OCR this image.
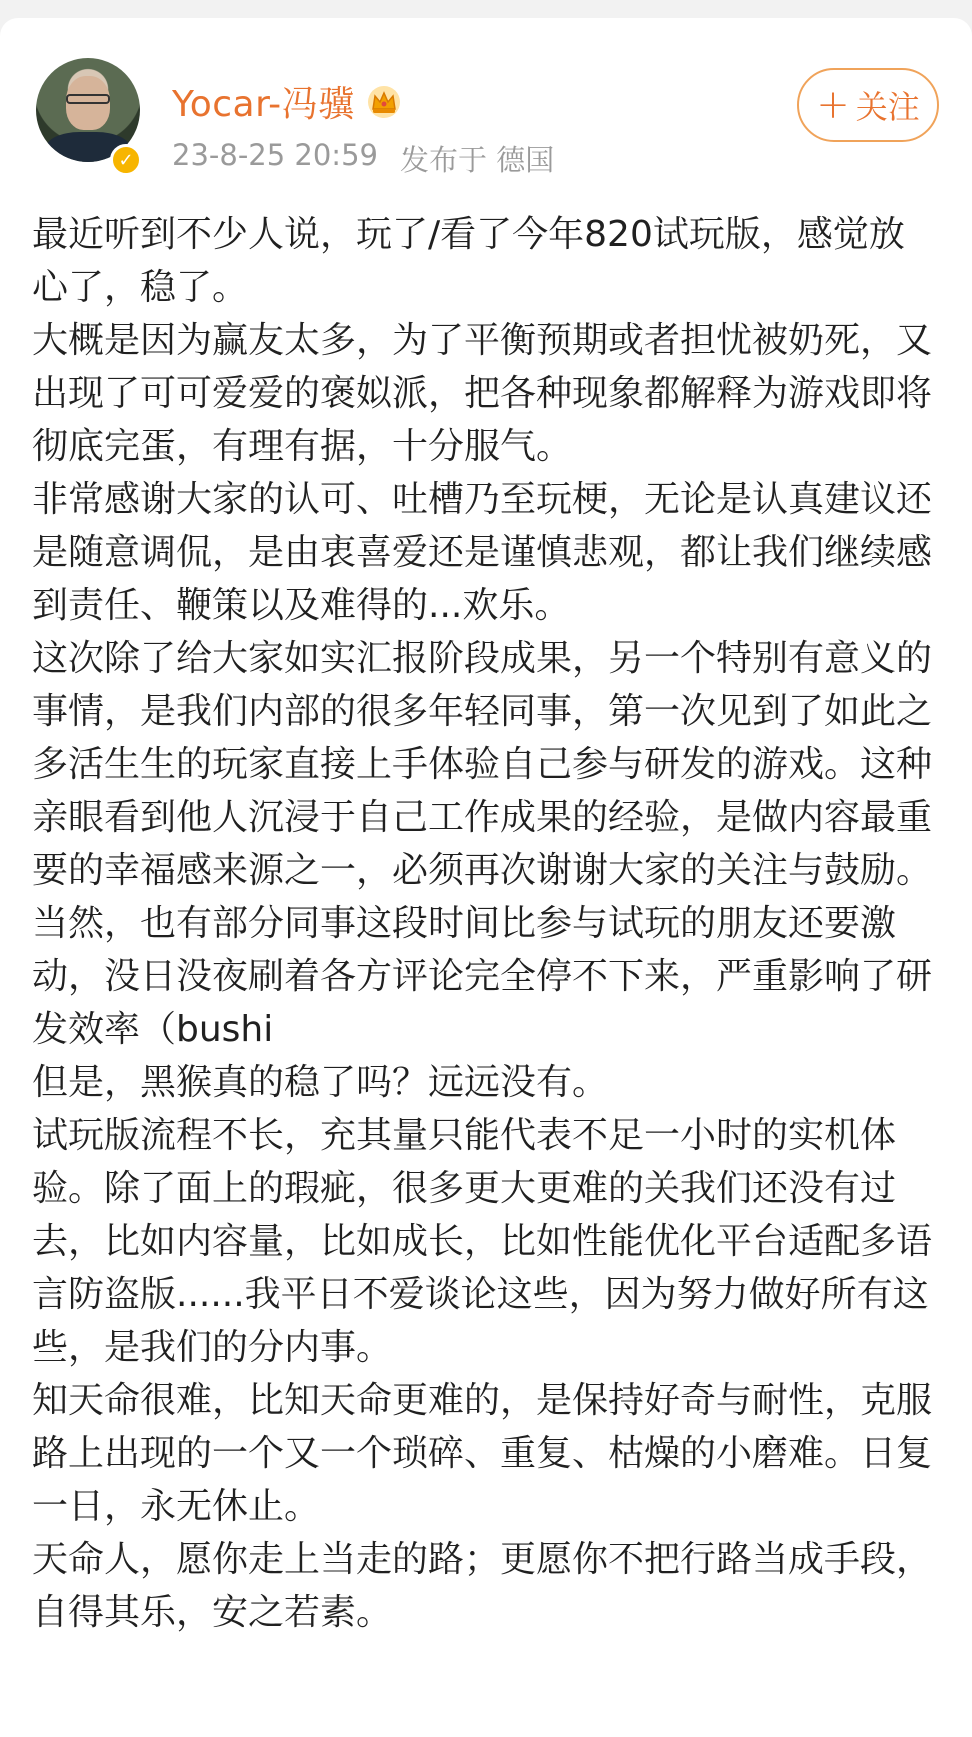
✓
Yocar-冯骥
23-8-25 20:59 发布于 德国
+ 关注

最近听到不少人说，玩了/看了今年820试玩版，感觉放心了，稳了。

大概是因为赢友太多，为了平衡预期或者担忧被奶死，又出现了可可爱爱的褒姒派，把各种现象都解释为游戏即将彻底完蛋，有理有据，十分服气。

非常感谢大家的认可、吐槽乃至玩梗，无论是认真建议还是随意调侃，是由衷喜爱还是谨慎悲观，都让我们继续感到责任、鞭策以及难得的...欢乐。

这次除了给大家如实汇报阶段成果，另一个特别有意义的事情，是我们内部的很多年轻同事，第一次见到了如此之多活生生的玩家直接上手体验自己参与研发的游戏。这种亲眼看到他人沉浸于自己工作成果的经验，是做内容最重要的幸福感来源之一，必须再次谢谢大家的关注与鼓励。当然，也有部分同事这段时间比参与试玩的朋友还要激动，没日没夜刷着各方评论完全停不下来，严重影响了研发效率（bushi

但是，黑猴真的稳了吗？远远没有。

试玩版流程不长，充其量只能代表不足一小时的实机体验。除了面上的瑕疵，很多更大更难的关我们还没有过去，比如内容量，比如成长，比如性能优化平台适配多语言防盗版......我平日不爱谈论这些，因为努力做好所有这些，是我们的分内事。

知天命很难，比知天命更难的，是保持好奇与耐性，克服路上出现的一个又一个琐碎、重复、枯燥的小磨难。日复一日，永无休止。

天命人，愿你走上当走的路；更愿你不把行路当成手段，自得其乐，安之若素。
